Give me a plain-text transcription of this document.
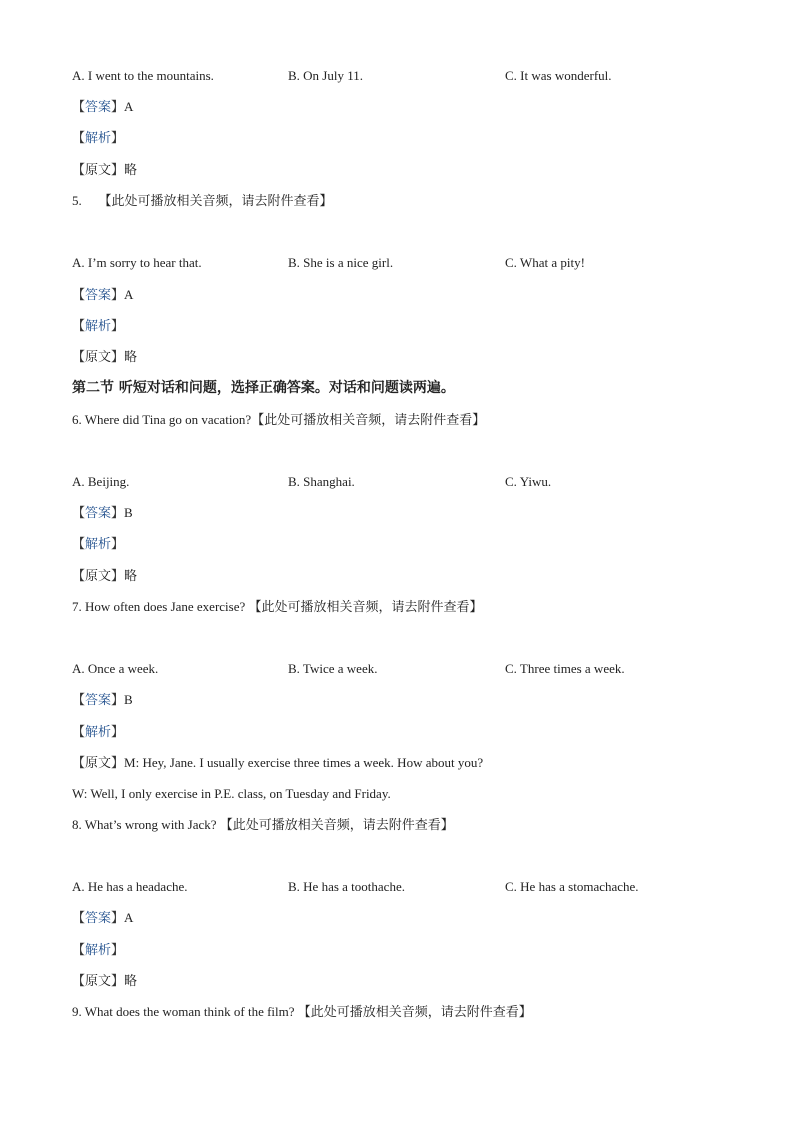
A. I went to the mountains.	B. On July 11.	C. It was wonderful.
【答案】A
【解析】
【原文】略
5. 【此处可播放相关音频，请去附件查看】
A. I’m sorry to hear that.	B. She is a nice girl.	C. What a pity!
【答案】A
【解析】
【原文】略
第二节 听短对话和问题，选择正确答案。对话和问题读两遍。
6. Where did Tina go on vacation?【此处可播放相关音频，请去附件查看】
A. Beijing.	B. Shanghai.	C. Yiwu.
【答案】B
【解析】
【原文】略
7. How often does Jane exercise? 【此处可播放相关音频，请去附件查看】
A. Once a week.	B. Twice a week.	C. Three times a week.
【答案】B
【解析】
【原文】M: Hey, Jane. I usually exercise three times a week. How about you?
W: Well, I only exercise in P.E. class, on Tuesday and Friday.
8. What’s wrong with Jack? 【此处可播放相关音频，请去附件查看】
A. He has a headache.	B. He has a toothache.	C. He has a stomachache.
【答案】A
【解析】
【原文】略
9. What does the woman think of the film? 【此处可播放相关音频，请去附件查看】
